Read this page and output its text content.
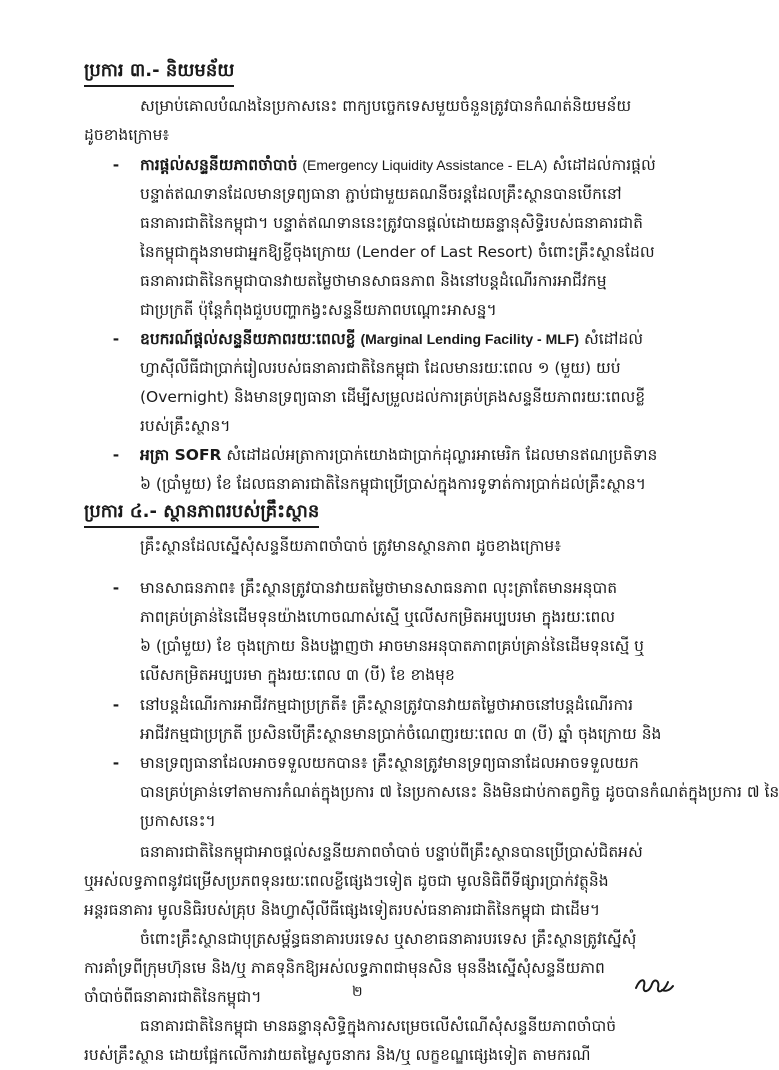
ប្រការ ៣.- និយមន័យ
សម្រាប់គោលបំណងនៃប្រកាសនេះ ពាក្យបច្ចេកទេសមួយចំនួនត្រូវបានកំណត់និយមន័យ
ដូចខាងក្រោម៖
-	ការផ្តល់សន្ទនីយភាពចាំបាច់ (Emergency Liquidity Assistance - ELA) សំដៅដល់ការផ្តល់
បន្ទាត់ឥណទានដែលមានទ្រព្យធានា ភ្ជាប់ជាមួយគណនីចរន្តដែលគ្រឹះស្ថានបានបើកនៅ
ធនាគារជាតិនៃកម្ពុជា។ បន្ទាត់ឥណទាននេះត្រូវបានផ្តល់ដោយឆន្ទានុសិទ្ធិរបស់ធនាគារជាតិ
នៃកម្ពុជាក្នុងនាមជាអ្នកឱ្យខ្ចីចុងក្រោយ (Lender of Last Resort) ចំពោះគ្រឹះស្ថានដែល
ធនាគារជាតិនៃកម្ពុជាបានវាយតម្លៃថាមានសាធនភាព និងនៅបន្តដំណើរការអាជីវកម្ម
ជាប្រក្រតី ប៉ុន្តែកំពុងជួបបញ្ហាកង្វះសន្ទនីយភាពបណ្តោះអាសន្ន។
-	ឧបករណ៍ផ្តល់សន្ទនីយភាពរយៈពេលខ្លី (Marginal Lending Facility - MLF) សំដៅដល់
ហ្វាស៊ីលីធីជាប្រាក់រៀលរបស់ធនាគារជាតិនៃកម្ពុជា ដែលមានរយៈពេល ១ (មួយ) យប់
(Overnight) និងមានទ្រព្យធានា ដើម្បីសម្រួលដល់ការគ្រប់គ្រងសន្ទនីយភាពរយៈពេលខ្លី
របស់គ្រឹះស្ថាន។
-	អត្រា SOFR សំដៅដល់អត្រាការប្រាក់យោងជាប្រាក់ដុល្លារអាមេរិក ដែលមានឥណប្រតិទាន
៦ (ប្រាំមួយ) ខែ ដែលធនាគារជាតិនៃកម្ពុជាប្រើប្រាស់ក្នុងការទូទាត់ការប្រាក់ដល់គ្រឹះស្ថាន។
ប្រការ ៤.- ស្ថានភាពរបស់គ្រឹះស្ថាន
គ្រឹះស្ថានដែលស្នើសុំសន្ទនីយភាពចាំបាច់ ត្រូវមានស្ថានភាព ដូចខាងក្រោម៖
-	មានសាធនភាព៖ គ្រឹះស្ថានត្រូវបានវាយតម្លៃថាមានសាធនភាព លុះត្រាតែមានអនុបាត
ភាពគ្រប់គ្រាន់នៃដើមទុនយ៉ាងហោចណាស់ស្មើ ឬលើសកម្រិតអប្បបរមា ក្នុងរយៈពេល
៦ (ប្រាំមួយ) ខែ ចុងក្រោយ និងបង្ហាញថា អាចមានអនុបាតភាពគ្រប់គ្រាន់នៃដើមទុនស្មើ ឬ
លើសកម្រិតអប្បបរមា ក្នុងរយៈពេល ៣ (បី) ខែ ខាងមុខ
-	នៅបន្តដំណើរការអាជីវកម្មជាប្រក្រតី៖ គ្រឹះស្ថានត្រូវបានវាយតម្លៃថាអាចនៅបន្តដំណើរការ
អាជីវកម្មជាប្រក្រតី ប្រសិនបើគ្រឹះស្ថានមានប្រាក់ចំណេញរយៈពេល ៣ (បី) ឆ្នាំ ចុងក្រោយ និង
-	មានទ្រព្យធានាដែលអាចទទួលយកបាន៖ គ្រឹះស្ថានត្រូវមានទ្រព្យធានាដែលអាចទទួលយក
បានគ្រប់គ្រាន់ទៅតាមការកំណត់ក្នុងប្រការ ៧ នៃប្រកាសនេះ និងមិនជាប់កាតព្វកិច្ច ដូចបានកំណត់ក្នុងប្រការ ៧ នៃ
ប្រកាសនេះ។
ធនាគារជាតិនៃកម្ពុជាអាចផ្តល់សន្ទនីយភាពចាំបាច់ បន្ទាប់ពីគ្រឹះស្ថានបានប្រើប្រាស់ជិតអស់
ឬអស់លទ្ធភាពនូវជម្រើសប្រភពទុនរយៈពេលខ្លីផ្សេងៗទៀត ដូចជា មូលនិធិពីទីផ្សារប្រាក់វត្ថុនិង
អន្តរធនាគារ មូលនិធិរបស់គ្រុប និងហ្វាស៊ីលីធីផ្សេងទៀតរបស់ធនាគារជាតិនៃកម្ពុជា ជាដើម។
ចំពោះគ្រឹះស្ថានជាបុត្រសម្ព័ន្ធធនាគារបរទេស ឬសាខាធនាគារបរទេស គ្រឹះស្ថានត្រូវស្នើសុំ
ការគាំទ្រពីក្រុមហ៊ុនមេ និង/ឬ ភាគទុនិកឱ្យអស់លទ្ធភាពជាមុនសិន មុននឹងស្នើសុំសន្ទនីយភាព
ចាំបាច់ពីធនាគារជាតិនៃកម្ពុជា។
ធនាគារជាតិនៃកម្ពុជា មានឆន្ទានុសិទ្ធិក្នុងការសម្រេចលើសំណើសុំសន្ទនីយភាពចាំបាច់
របស់គ្រឹះស្ថាន ដោយផ្អែកលើការវាយតម្លៃសូចនាករ និង/ឬ លក្ខខណ្ឌផ្សេងទៀត តាមករណី
២
